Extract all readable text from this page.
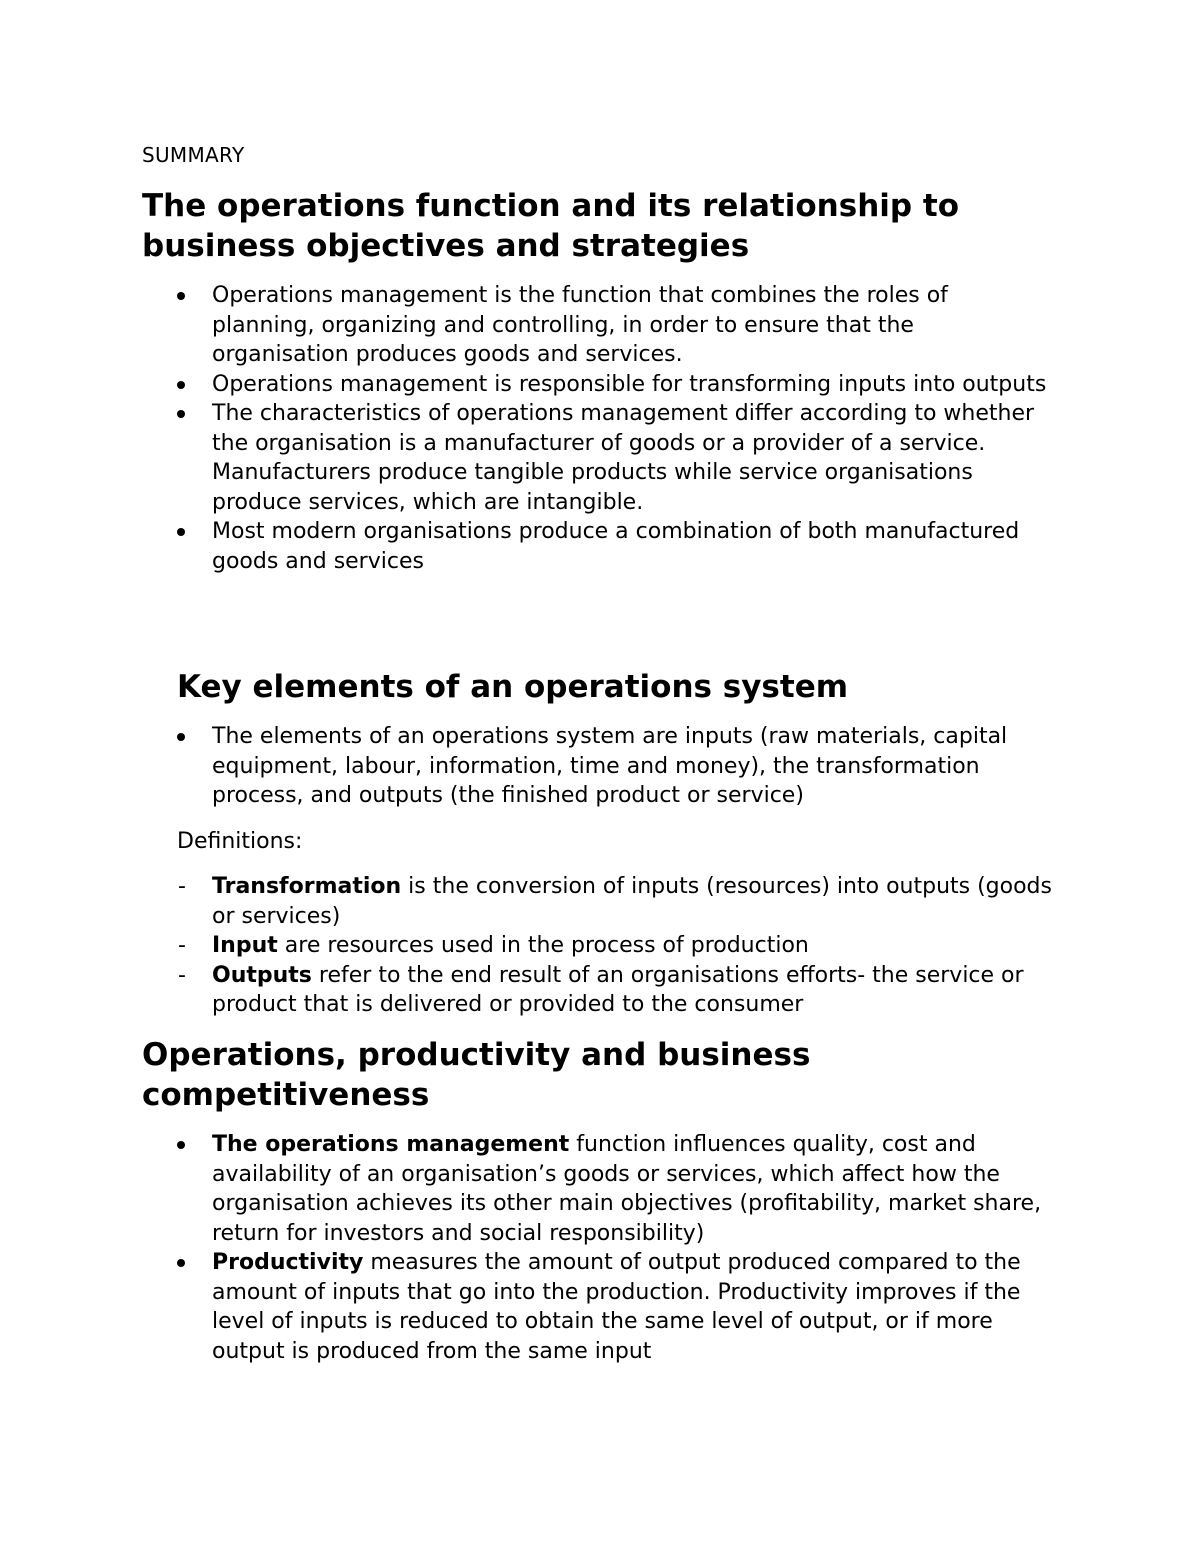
SUMMARY
The operations function and its relationship to business objectives and strategies
Operations management is the function that combines the roles of planning, organizing and controlling, in order to ensure that the organisation produces goods and services.
Operations management is responsible for transforming inputs into outputs
The characteristics of operations management differ according to whether the organisation is a manufacturer of goods or a provider of a service. Manufacturers produce tangible products while service organisations produce services, which are intangible.
Most modern organisations produce a combination of both manufactured goods and services
Key elements of an operations system
The elements of an operations system are inputs (raw materials, capital equipment, labour, information, time and money), the transformation process, and outputs (the finished product or service)
Definitions:
- Transformation is the conversion of inputs (resources) into outputs (goods or services)
- Input are resources used in the process of production
- Outputs refer to the end result of an organisations efforts- the service or product that is delivered or provided to the consumer
Operations, productivity and business competitiveness
The operations management function influences quality, cost and availability of an organisation’s goods or services, which affect how the organisation achieves its other main objectives (profitability, market share, return for investors and social responsibility)
Productivity measures the amount of output produced compared to the amount of inputs that go into the production. Productivity improves if the level of inputs is reduced to obtain the same level of output, or if more output is produced from the same input
